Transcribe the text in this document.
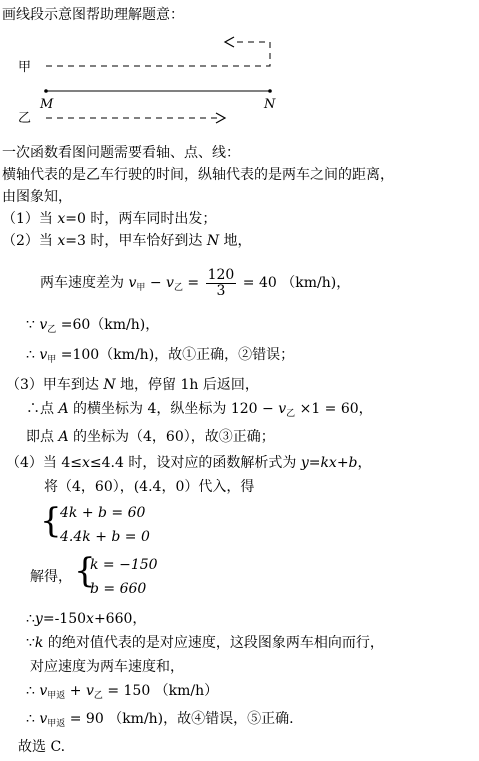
画线段示意图帮助理解题意：
甲
M	N
乙
一次函数看图问题需要看轴、点、线：
横轴代表的是乙车行驶的时间，纵轴代表的是两车之间的距离，
由图象知，
（1）当 x=0 时，两车同时出发；
（2）当 x=3 时，甲车恰好到达 N 地，
两车速度差为 $v_甲 - v_乙 = \frac{120}{3} = 40$ （km/h)，
∵ $v_乙 =60(km/h)$，
∴ $v_甲 =100(km/h)$，故①正确，②错误；
（3）甲车到达 N 地，停留 1h 后返回，
∴点 A 的横坐标为 4，纵坐标为 $120 - v_乙 \times 1 = 60$，
即点 A 的坐标为（4，60），故③正确；
（4）当 4≤x≤4.4 时，设对应的函数解析式为 y=kx+b，
将（4，60），(4.4，0）代入，得
{
4k + b = 60
4.4k + b = 0
解得， {
k = −150
b = 660
∴y=-150x+660，
∵k 的绝对值代表的是对应速度，这段图象两车相向而行，
对应速度为两车速度和，
∴ $v_{甲返} + v_乙 = 150$ （km/h）
∴ $v_{甲返} = 90$ （km/h)，故④错误，⑤正确.
故选 C.
